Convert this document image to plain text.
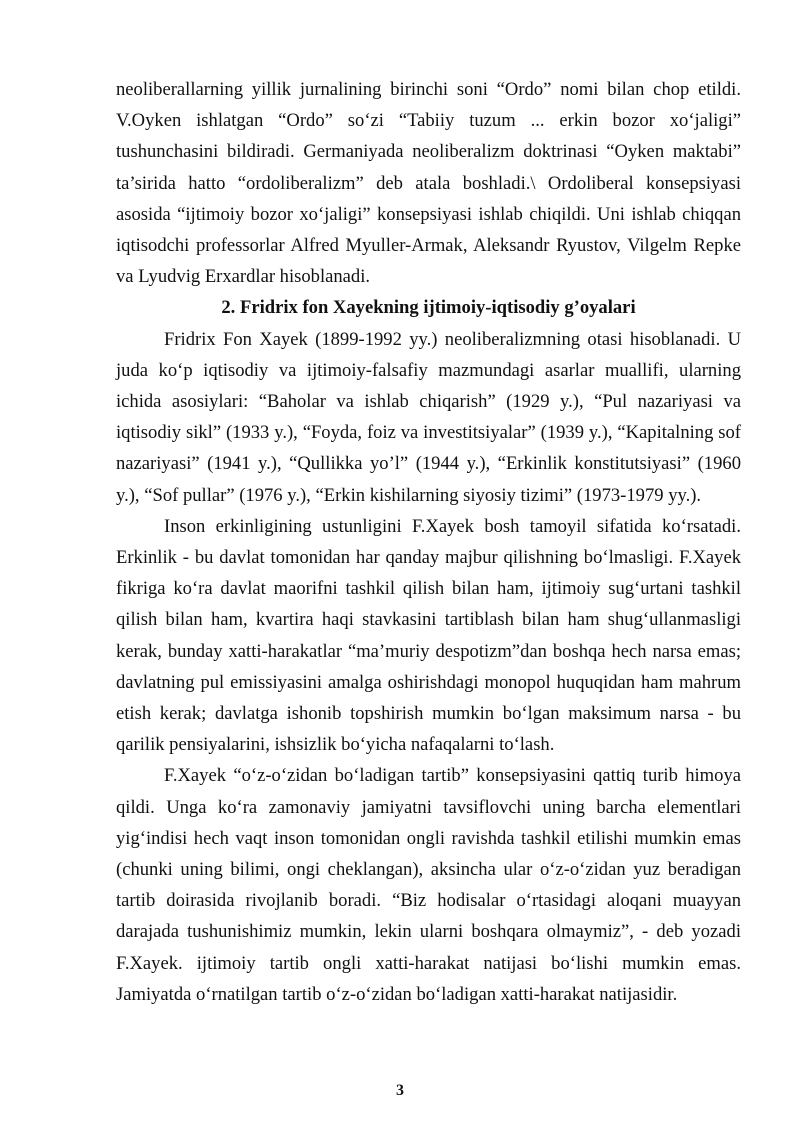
neoliberallarning yillik jurnalining birinchi soni “Ordo” nomi bilan chop etildi. V.Oyken ishlatgan “Ordo” so‘zi “Tabiiy tuzum ... erkin bozor xo‘jaligi” tushunchasini bildiradi. Germaniyada neoliberalizm doktrinasi “Oyken maktabi” ta’sirida hatto “ordoliberalizm” deb atala boshladi.\ Ordoliberal konsepsiyasi asosida “ijtimoiy bozor xo‘jaligi” konsepsiyasi ishlab chiqildi. Uni ishlab chiqqan iqtisodchi professorlar Alfred Myuller-Armak, Aleksandr Ryustov, Vilgelm Repke va Lyudvig Erxardlar hisoblanadi.

2. Fridrix fon Xayekning ijtimoiy-iqtisodiy g’oyalari

Fridrix Fon Xayek (1899-1992 yy.) neoliberalizmning otasi hisoblanadi. U juda ko‘p iqtisodiy va ijtimoiy-falsafiy mazmundagi asarlar muallifi, ularning ichida asosiylari: “Baholar va ishlab chiqarish” (1929 y.), “Pul nazariyasi va iqtisodiy sikl” (1933 y.), “Foyda, foiz va investitsiyalar” (1939 y.), “Kapitalning sof nazariyasi” (1941 y.), “Qullikka yo’l” (1944 y.), “Erkinlik konstitutsiyasi” (1960 y.), “Sof pullar” (1976 y.), “Erkin kishilarning siyosiy tizimi” (1973-1979 yy.).

Inson erkinligining ustunligini F.Xayek bosh tamoyil sifatida ko‘rsatadi. Erkinlik - bu davlat tomonidan har qanday majbur qilishning bo‘lmasligi. F.Xayek fikriga ko‘ra davlat maorifni tashkil qilish bilan ham, ijtimoiy sug‘urtani tashkil qilish bilan ham, kvartira haqi stavkasini tartiblash bilan ham shug‘ullanmasligi kerak, bunday xatti-harakatlar “ma’muriy despotizm”dan boshqa hech narsa emas; davlatning pul emissiyasini amalga oshirishdagi monopol huquqidan ham mahrum etish kerak; davlatga ishonib topshirish mumkin bo‘lgan maksimum narsa - bu qarilik pensiyalarini, ishsizlik bo‘yicha nafaqalarni to‘lash.

F.Xayek “o‘z-o‘zidan bo‘ladigan tartib” konsepsiyasini qattiq turib himoya qildi. Unga ko‘ra zamonaviy jamiyatni tavsiflovchi uning barcha elementlari yig‘indisi hech vaqt inson tomonidan ongli ravishda tashkil etilishi mumkin emas (chunki uning bilimi, ongi cheklangan), aksincha ular o‘z-o‘zidan yuz beradigan tartib doirasida rivojlanib boradi. “Biz hodisalar o‘rtasidagi aloqani muayyan darajada tushunishimiz mumkin, lekin ularni boshqara olmaymiz”, - deb yozadi F.Xayek. ijtimoiy tartib ongli xatti-harakat natijasi bo‘lishi mumkin emas. Jamiyatda o‘rnatilgan tartib o‘z-o‘zidan bo‘ladigan xatti-harakat natijasidir.

3
